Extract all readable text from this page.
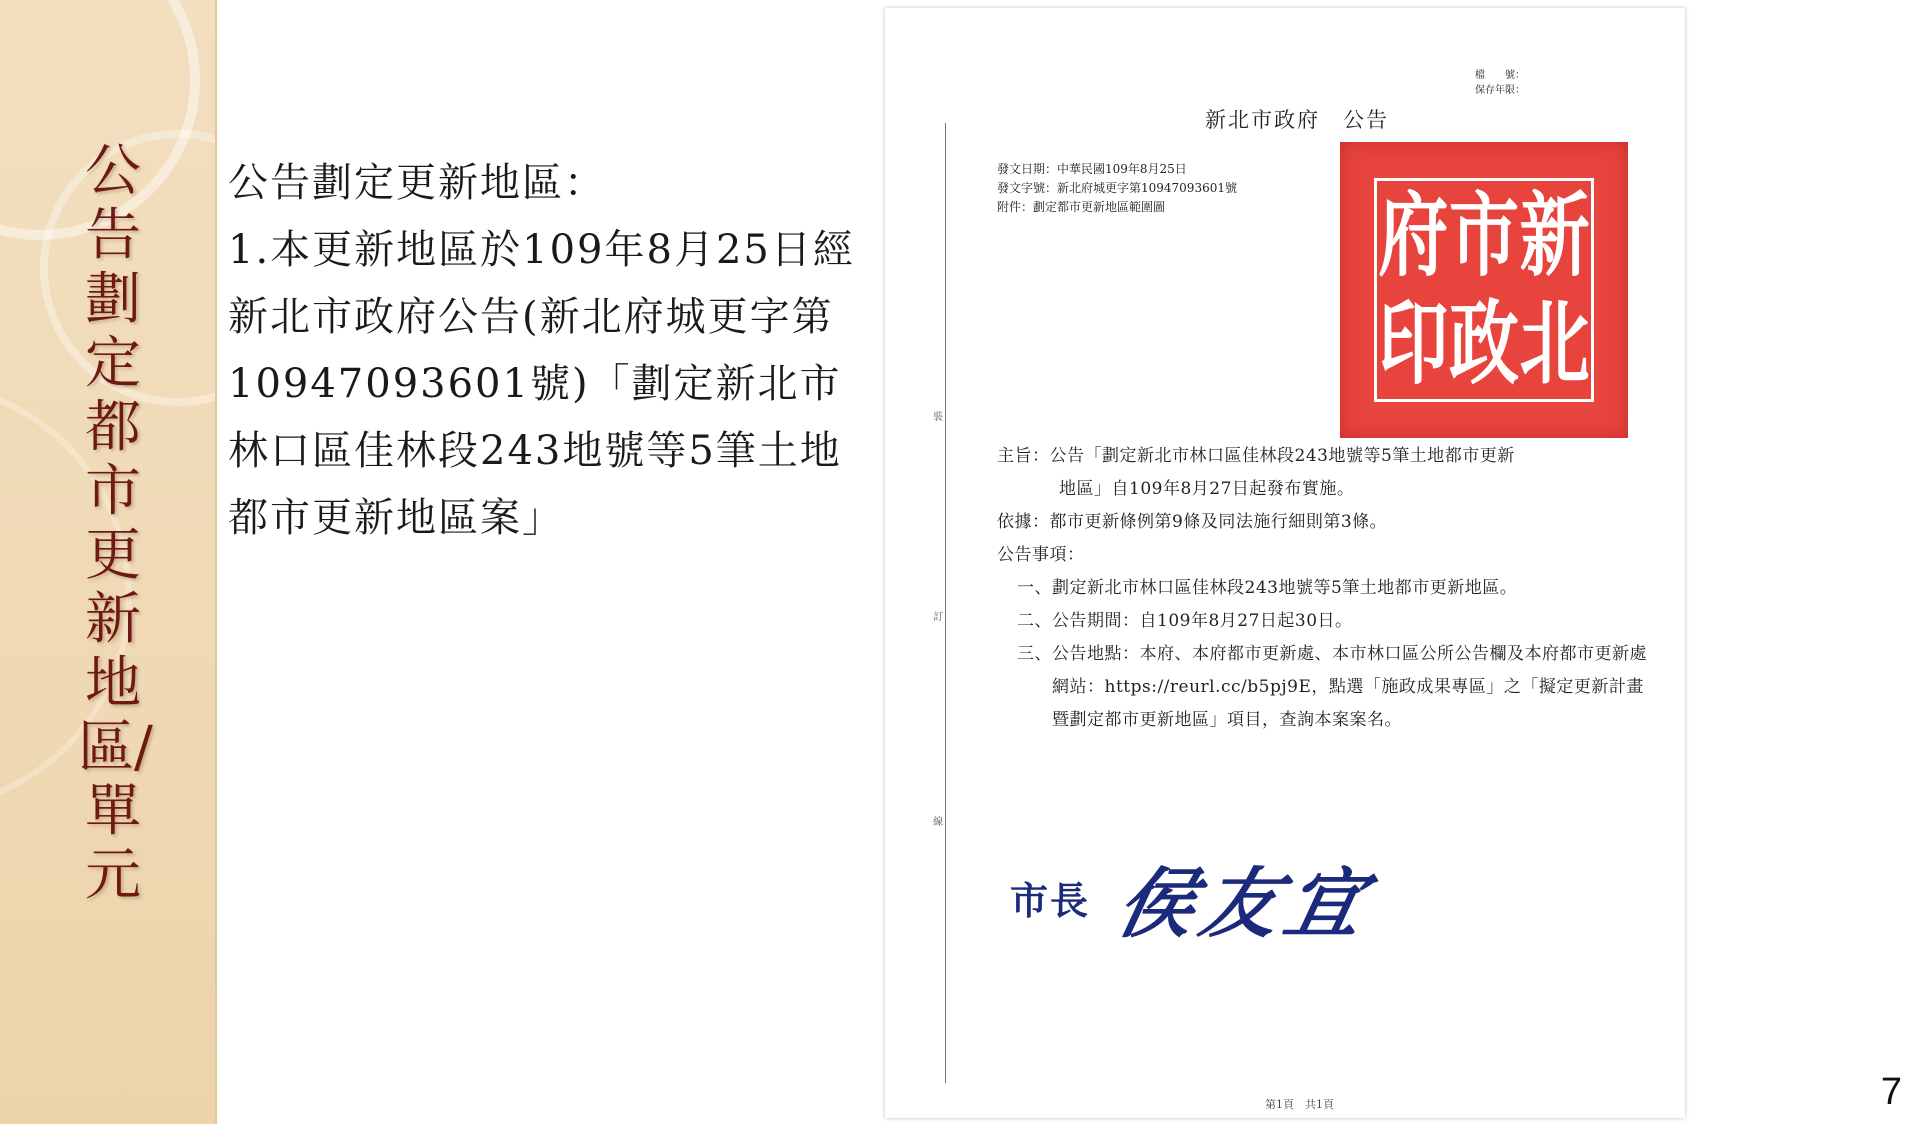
公告劃定都市更新地區/單元

公告劃定更新地區：

1.本更新地區於109年8月25日經新北市政府公告(新北府城更字第10947093601號)「劃定新北市林口區佳林段243地號等5筆土地都市更新地區案」

裝
訂
線
檔　　號：
保存年限：
新北市政府　公告
發文日期：中華民國109年8月25日
發文字號：新北府城更字第10947093601號
附件：劃定都市更新地區範圍圖	新
市
府
北
政
印
主旨： 公告「劃定新北市林口區佳林段243地號等5筆土地都市更新
地區」自109年8月27日起發布實施。
依據： 都市更新條例第9條及同法施行細則第3條。
公告事項：
一、 劃定新北市林口區佳林段243地號等5筆土地都市更新地區。
二、 公告期間：自109年8月27日起30日。
三、 公告地點：本府、本府都市更新處、本市林口區公所公告欄及本府都市更新處網站：https://reurl.cc/b5pj9E，點選「施政成果專區」之「擬定更新計畫暨劃定都市更新地區」項目，查詢本案案名。
市長 侯友宜
第1頁　共1頁	7
